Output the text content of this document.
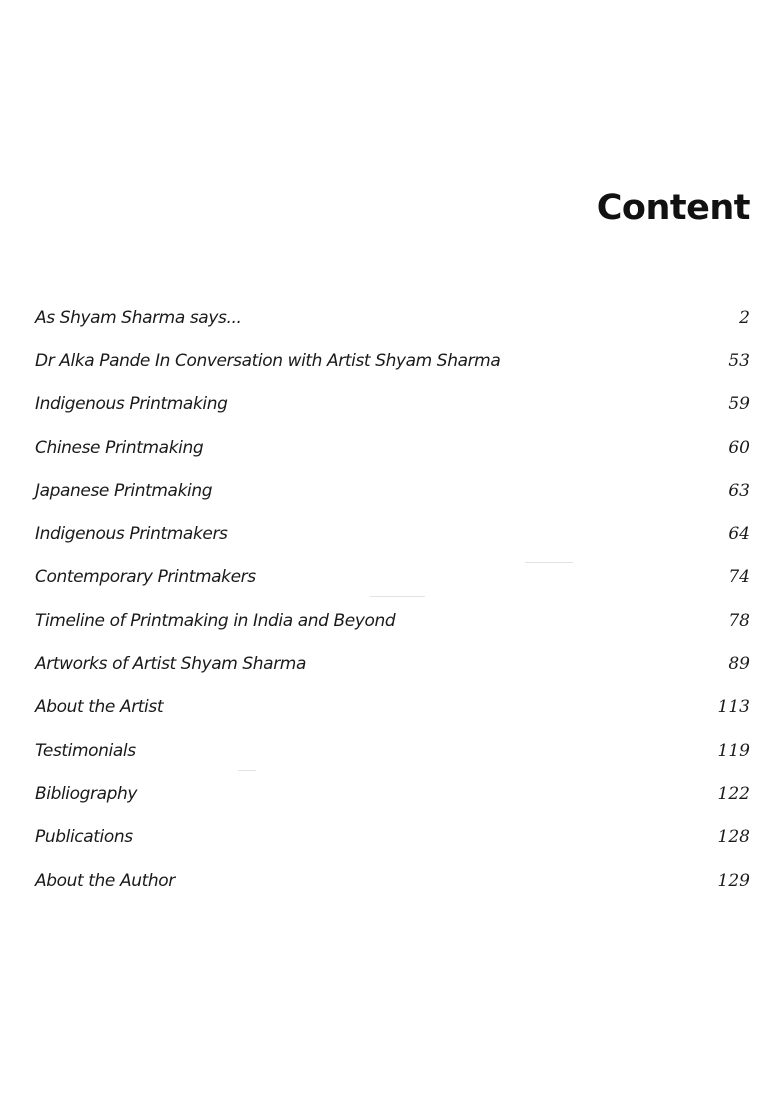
Content
As Shyam Sharma says...	2
Dr Alka Pande In Conversation with Artist Shyam Sharma	53
Indigenous Printmaking	59
Chinese Printmaking	60
Japanese Printmaking	63
Indigenous Printmakers	64
Contemporary Printmakers	74
Timeline of Printmaking in India and Beyond	78
Artworks of Artist Shyam Sharma	89
About the Artist	113
Testimonials	119
Bibliography	122
Publications	128
About the Author	129
